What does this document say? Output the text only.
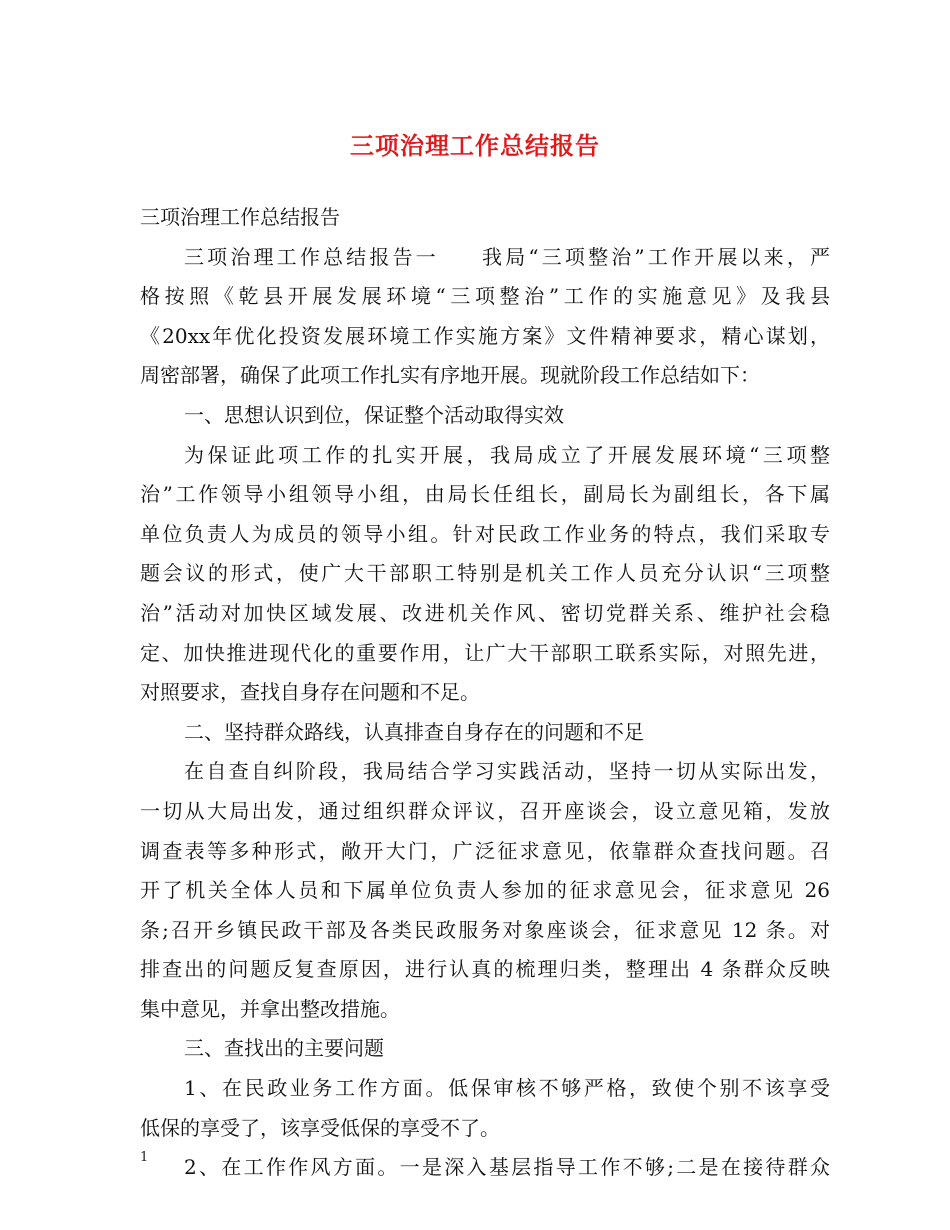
三项治理工作总结报告
三项治理工作总结报告
三项治理工作总结报告一 我局“三项整治”工作开展以来，严
格按照《乾县开展发展环境“三项整治”工作的实施意见》及我县
《20xx年优化投资发展环境工作实施方案》文件精神要求，精心谋划，
周密部署，确保了此项工作扎实有序地开展。现就阶段工作总结如下：
一、思想认识到位，保证整个活动取得实效
为保证此项工作的扎实开展，我局成立了开展发展环境“三项整
治”工作领导小组领导小组，由局长任组长，副局长为副组长，各下属
单位负责人为成员的领导小组。针对民政工作业务的特点，我们采取专
题会议的形式，使广大干部职工特别是机关工作人员充分认识“三项整
治”活动对加快区域发展、改进机关作风、密切党群关系、维护社会稳
定、加快推进现代化的重要作用，让广大干部职工联系实际，对照先进，
对照要求，查找自身存在问题和不足。
二、坚持群众路线，认真排查自身存在的问题和不足
在自查自纠阶段，我局结合学习实践活动，坚持一切从实际出发，
一切从大局出发，通过组织群众评议，召开座谈会，设立意见箱，发放
调查表等多种形式，敞开大门，广泛征求意见，依靠群众查找问题。召
开了机关全体人员和下属单位负责人参加的征求意见会，征求意见 26
条;召开乡镇民政干部及各类民政服务对象座谈会，征求意见 12 条。对
排查出的问题反复查原因，进行认真的梳理归类，整理出 4 条群众反映
集中意见，并拿出整改措施。
三、查找出的主要问题
1、在民政业务工作方面。低保审核不够严格，致使个别不该享受
低保的享受了，该享受低保的享受不了。
2、在工作作风方面。一是深入基层指导工作不够;二是在接待群众
1
